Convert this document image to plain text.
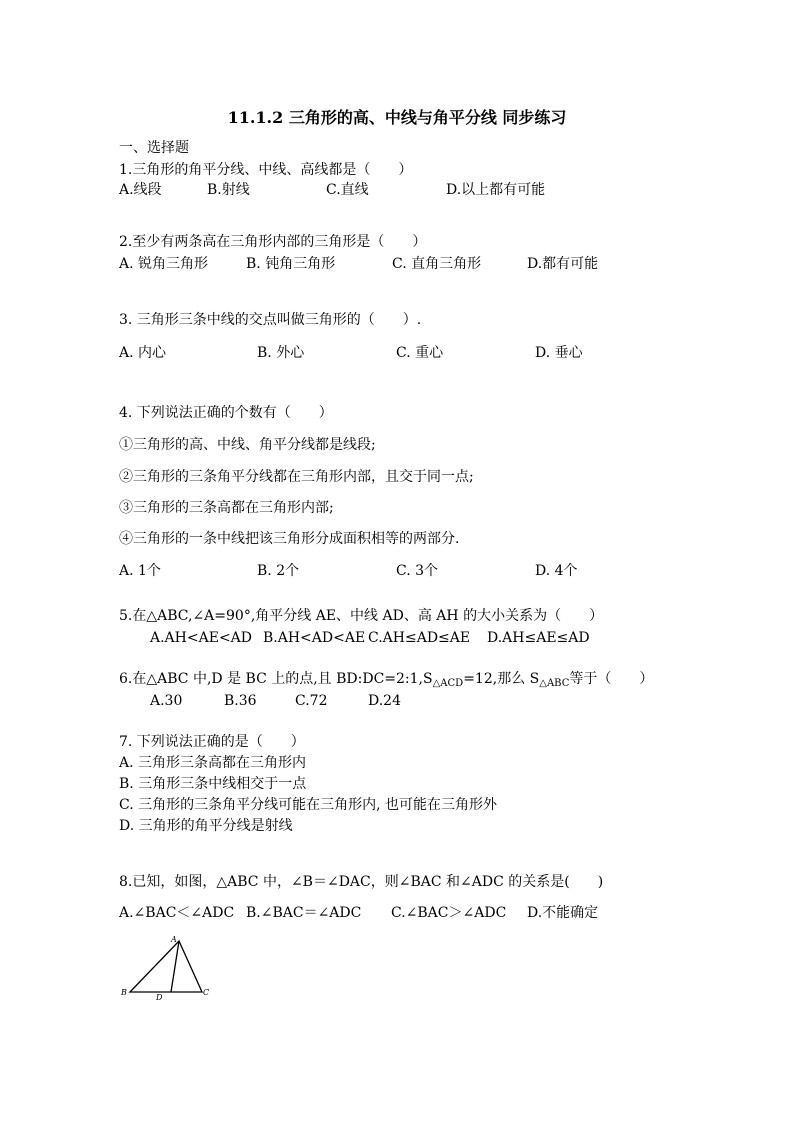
11.1.2 三角形的高、中线与角平分线 同步练习
一、选择题
1.三角形的角平分线、中线、高线都是（　　）
A.线段	B.射线	C.直线	D.以上都有可能
2.至少有两条高在三角形内部的三角形是（　　）
A. 锐角三角形	B. 钝角三角形	C. 直角三角形	D.都有可能
3. 三角形三条中线的交点叫做三角形的（　　）.
A. 内心	B. 外心	C. 重心	D. 垂心
4. 下列说法正确的个数有（　　）
①三角形的高、中线、角平分线都是线段;
②三角形的三条角平分线都在三角形内部，且交于同一点;
③三角形的三条高都在三角形内部;
④三角形的一条中线把该三角形分成面积相等的两部分.
A. 1个	B. 2个	C. 3个	D. 4个
5.在△ABC,∠A=90°,角平分线 AE、中线 AD、高 AH 的大小关系为（　　）
A.AH<AE<AD B.AH<AD<AE C.AH≤AD≤AE D.AH≤AE≤AD
6.在△ABC 中,D 是 BC 上的点,且 $BD:DC=2:1,S_{\triangle ACD}=12$,那么 $S_{\triangle ABC}$等于（　　）
A.30	B.36	C.72	D.24
7. 下列说法正确的是（　　）
A. 三角形三条高都在三角形内
B. 三角形三条中线相交于一点
C. 三角形的三条角平分线可能在三角形内, 也可能在三角形外
D. 三角形的角平分线是射线
8.已知，如图，△ABC 中，∠B＝∠DAC，则∠BAC 和∠ADC 的关系是(　　)
A.∠BAC＜∠ADC B.∠BAC＝∠ADC C.∠BAC＞∠ADC D.不能确定
A
B	C
D
